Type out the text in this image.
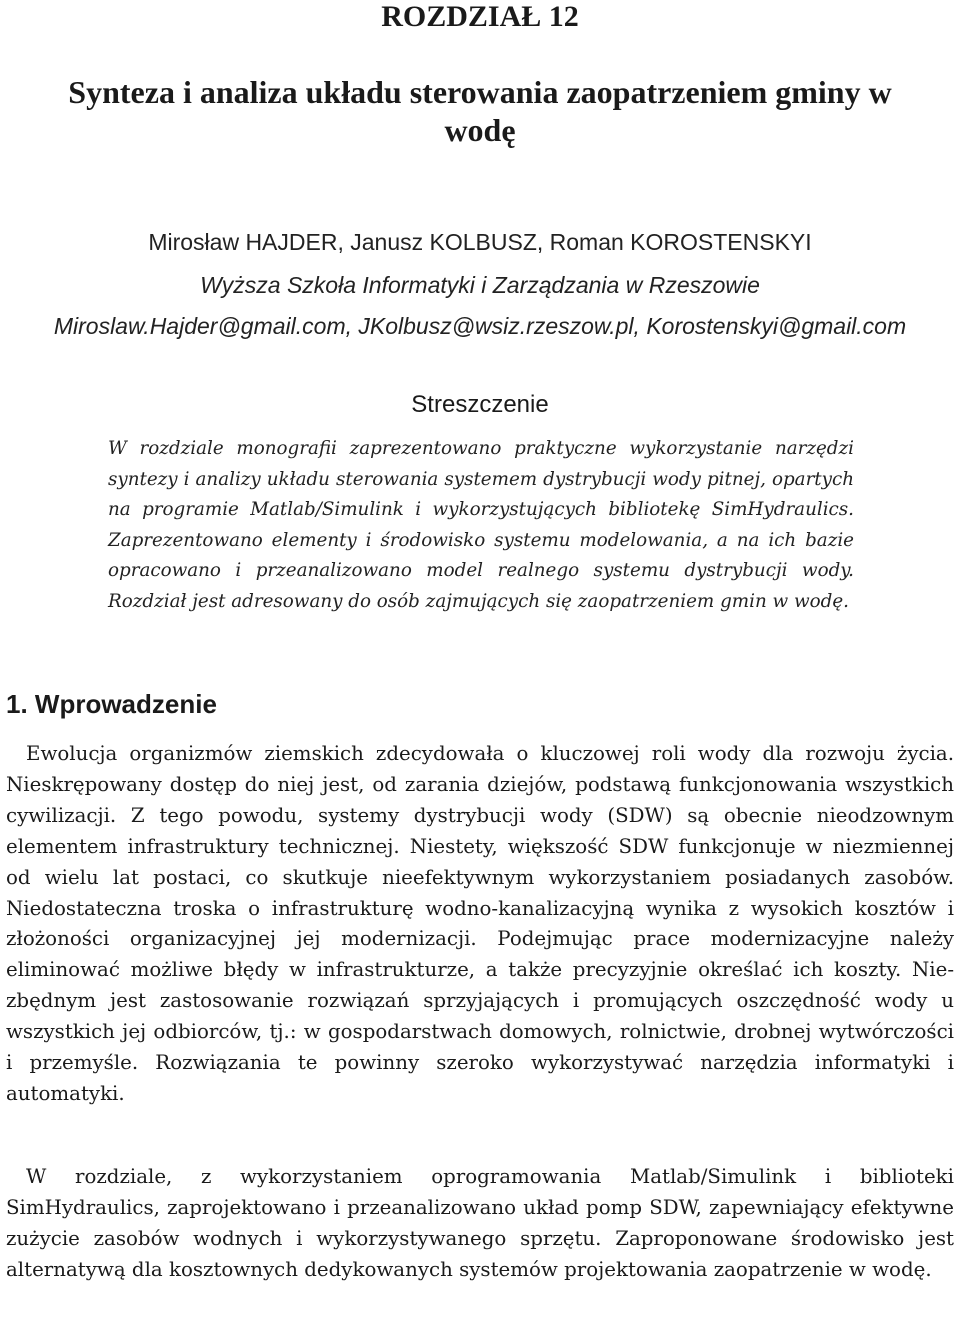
ROZDZIAŁ 12
Synteza i analiza układu sterowania zaopatrzeniem gminy w wodę
Mirosław HAJDER, Janusz KOLBUSZ, Roman KOROSTENSKYI
Wyższa Szkoła Informatyki i Zarządzania w Rzeszowie
Miroslaw.Hajder@gmail.com, JKolbusz@wsiz.rzeszow.pl, Korostenskyi@gmail.com
Streszczenie
W rozdziale monografii zaprezentowano praktyczne wykorzystanie narzędzi syntezy i analizy układu sterowania systemem dystrybucji wody pitnej, opartych na programie Matlab/Simulink i wykorzystujących bibliotekę SimHydraulics. Zaprezentowano elementy i środowisko systemu modelowania, a na ich bazie opracowano i przeanalizowano model realnego systemu dystrybucji wody. Rozdział jest adresowany do osób zajmujących się zaopatrzeniem gmin w wodę.
1. Wprowadzenie

Ewolucja organizmów ziemskich zdecydowała o kluczowej roli wody dla rozwoju życia. Nieskrępowany dostęp do niej jest, od zarania dziejów, podstawą funkcjonowania wszystkich cywilizacji. Z tego powodu, systemy dystrybucji wody (SDW) są obecnie nieodzownym elementem infrastruktury technicznej. Niestety, większość SDW funkcjonuje w niezmiennej od wielu lat postaci, co skutkuje nieefektywnym wykorzystaniem posiadanych zasobów. Niedostateczna troska o infrastrukturę wodno-kanalizacyjną wynika z wysokich kosztów i złożoności organizacyjnej jej modernizacji. Podejmując prace modernizacyjne należy eliminować możliwe błędy w infrastrukturze, a także precyzyjnie określać ich koszty. Niezbędnym jest zastosowanie rozwiązań sprzyjających i promujących oszczędność wody u wszystkich jej odbiorców, tj.: w gospodarstwach domowych, rolnictwie, drobnej wytwórczości i przemyśle. Rozwiązania te powinny szeroko wykorzystywać narzędzia informatyki i automatyki.

W rozdziale, z wykorzystaniem oprogramowania Matlab/Simulink i biblioteki SimHydraulics, zaprojektowano i przeanalizowano układ pomp SDW, zapewniający efektywne zużycie zasobów wodnych i wykorzystywanego sprzętu. Zaproponowane środowisko jest alternatywą dla kosztownych dedykowanych systemów projektowania zaopatrzenie w wodę.
